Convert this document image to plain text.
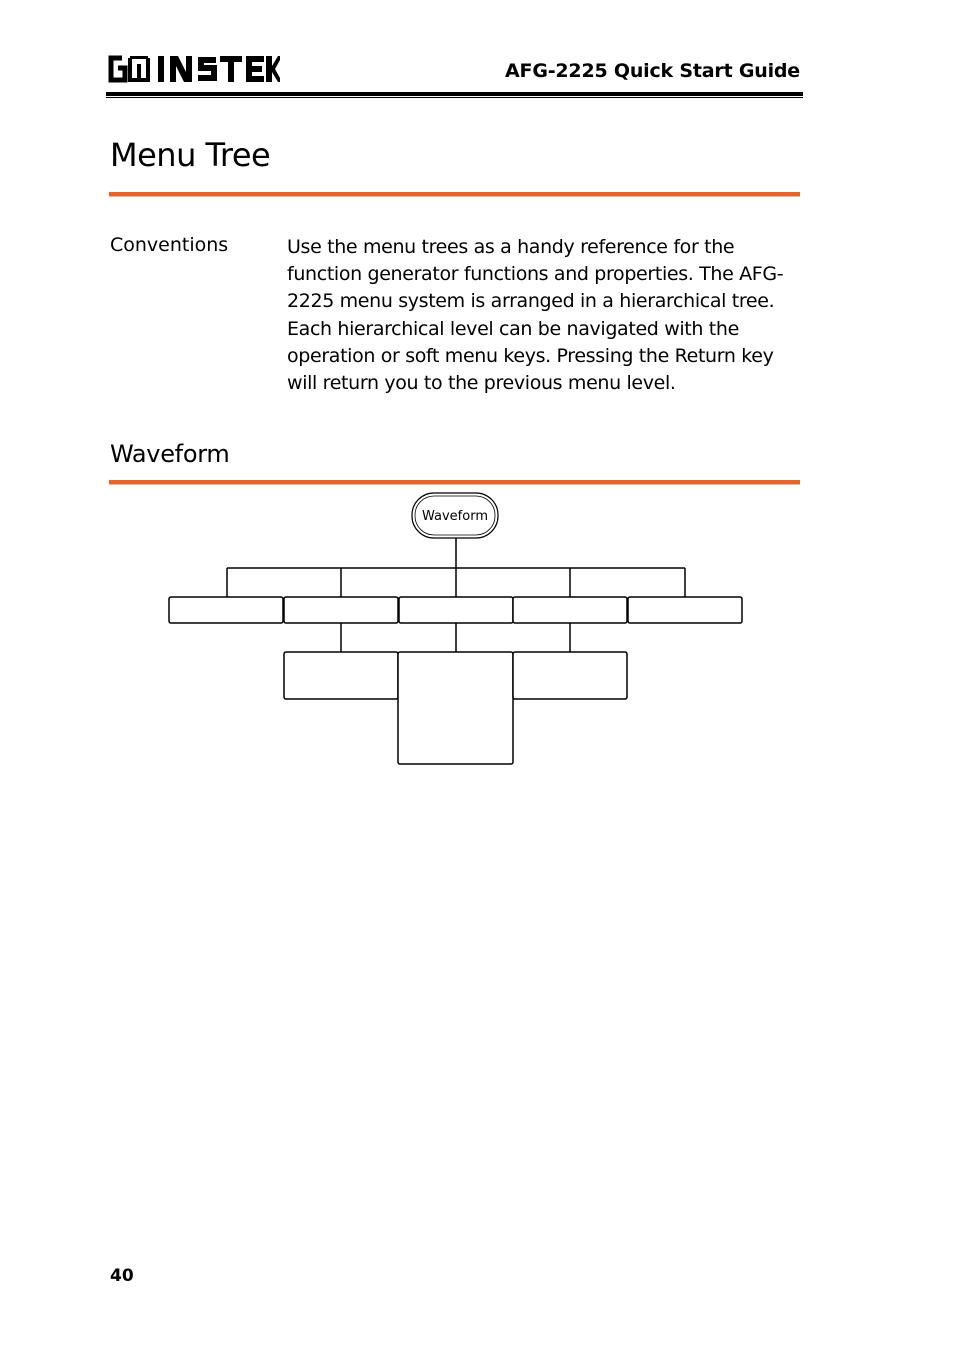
AFG-2225 Quick Start Guide
Menu Tree
Conventions	Use the menu trees as a handy reference for the function generator functions and properties. The AFG-2225 menu system is arranged in a hierarchical tree. Each hierarchical level can be navigated with the operation or soft menu keys. Pressing the Return key will return you to the previous menu level.

Waveform
Waveform
40
